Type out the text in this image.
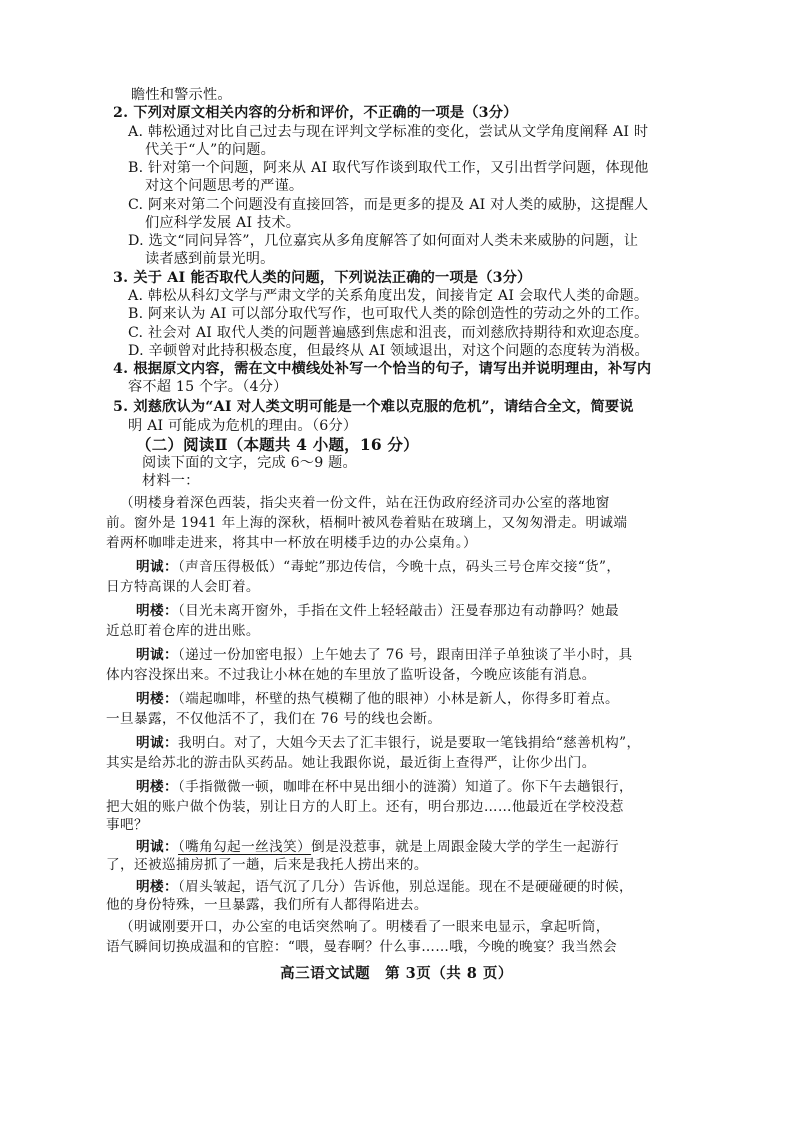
瞻性和警示性。
2. 下列对原文相关内容的分析和评价，不正确的一项是（3分）
A. 韩松通过对比自己过去与现在评判文学标准的变化，尝试从文学角度阐释 AI 时
代关于“人”的问题。
B. 针对第一个问题，阿来从 AI 取代写作谈到取代工作，又引出哲学问题，体现他
对这个问题思考的严谨。
C. 阿来对第二个问题没有直接回答，而是更多的提及 AI 对人类的威胁，这提醒人
们应科学发展 AI 技术。
D. 选文“同问异答”，几位嘉宾从多角度解答了如何面对人类未来威胁的问题，让
读者感到前景光明。
3. 关于 AI 能否取代人类的问题，下列说法正确的一项是（3分）
A. 韩松从科幻文学与严肃文学的关系角度出发，间接肯定 AI 会取代人类的命题。
B. 阿来认为 AI 可以部分取代写作，也可取代人类的除创造性的劳动之外的工作。
C. 社会对 AI 取代人类的问题普遍感到焦虑和沮丧，而刘慈欣持期待和欢迎态度。
D. 辛顿曾对此持积极态度，但最终从 AI 领域退出，对这个问题的态度转为消极。
4. 根据原文内容，需在文中横线处补写一个恰当的句子，请写出并说明理由，补写内
容不超 15 个字。（4分）
5. 刘慈欣认为“AI 对人类文明可能是一个难以克服的危机”，请结合全文，简要说
明 AI 可能成为危机的理由。（6分）
（二）阅读Ⅱ（本题共 4 小题，16 分）
阅读下面的文字，完成 6～9 题。
材料一：
（明楼身着深色西装，指尖夹着一份文件，站在汪伪政府经济司办公室的落地窗
前。窗外是 1941 年上海的深秋，梧桐叶被风卷着贴在玻璃上，又匆匆滑走。明诚端
着两杯咖啡走进来，将其中一杯放在明楼手边的办公桌角。）
明诚：（声音压得极低）“毒蛇”那边传信，今晚十点，码头三号仓库交接“货”，
日方特高课的人会盯着。
明楼：（目光未离开窗外，手指在文件上轻轻敲击）汪曼春那边有动静吗？她最
近总盯着仓库的进出账。
明诚：（递过一份加密电报）上午她去了 76 号，跟南田洋子单独谈了半小时，具
体内容没探出来。不过我让小林在她的车里放了监听设备，今晚应该能有消息。
明楼：（端起咖啡，杯壁的热气模糊了他的眼神）小林是新人，你得多盯着点。
一旦暴露，不仅他活不了，我们在 76 号的线也会断。
明诚：我明白。对了，大姐今天去了汇丰银行，说是要取一笔钱捐给“慈善机构”，
其实是给苏北的游击队买药品。她让我跟你说，最近街上查得严，让你少出门。
明楼：（手指微微一顿，咖啡在杯中晃出细小的涟漪）知道了。你下午去趟银行，
把大姐的账户做个伪装，别让日方的人盯上。还有，明台那边……他最近在学校没惹
事吧？
明诚：（嘴角勾起一丝浅笑）倒是没惹事，就是上周跟金陵大学的学生一起游行
了，还被巡捕房抓了一趟，后来是我托人捞出来的。
明楼：（眉头皱起，语气沉了几分）告诉他，别总逞能。现在不是硬碰硬的时候，
他的身份特殊，一旦暴露，我们所有人都得陷进去。
（明诚刚要开口，办公室的电话突然响了。明楼看了一眼来电显示，拿起听筒，
语气瞬间切换成温和的官腔：“喂，曼春啊？什么事……哦，今晚的晚宴？我当然会
高三语文试题　第 3页（共 8 页）
